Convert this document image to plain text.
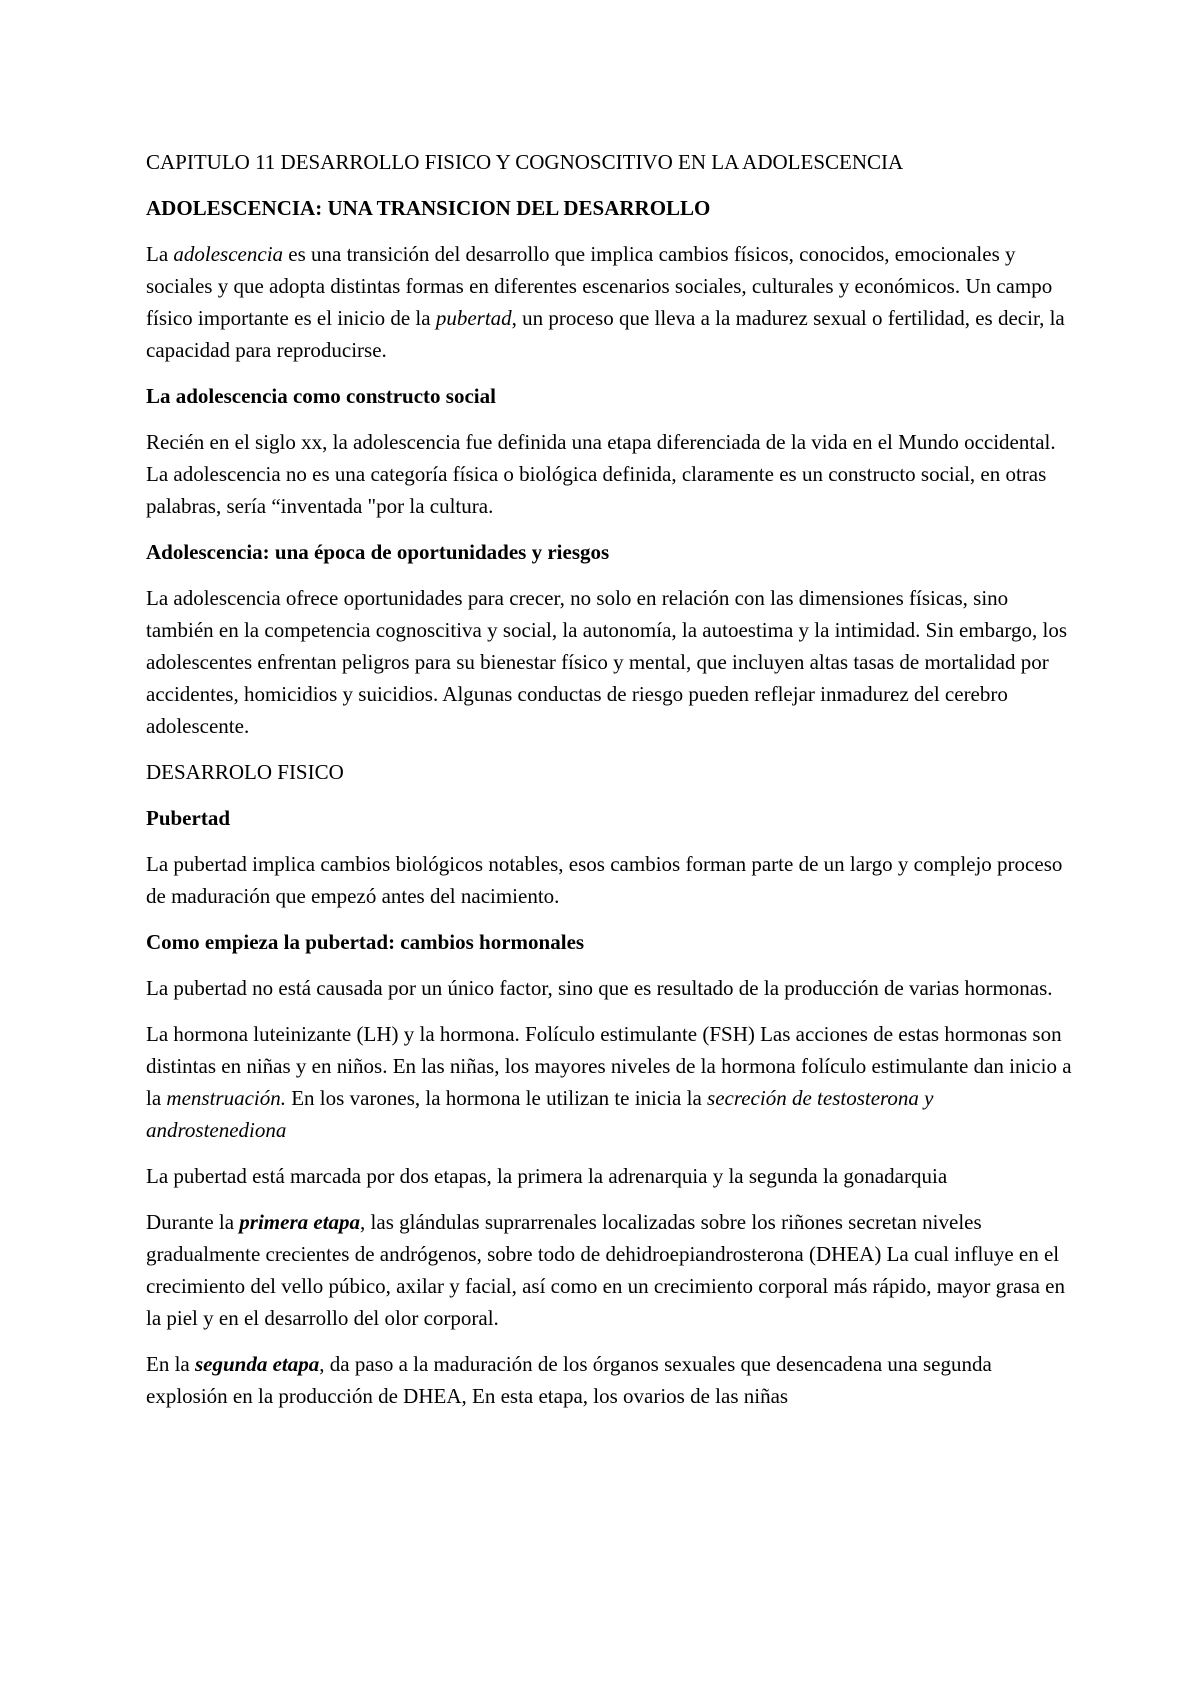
CAPITULO 11 DESARROLLO FISICO Y COGNOSCITIVO EN LA ADOLESCENCIA

ADOLESCENCIA: UNA TRANSICION DEL DESARROLLO

La adolescencia es una transición del desarrollo que implica cambios físicos, conocidos, emocionales y sociales y que adopta distintas formas en diferentes escenarios sociales, culturales y económicos. Un campo físico importante es el inicio de la pubertad, un proceso que lleva a la madurez sexual o fertilidad, es decir, la capacidad para reproducirse.

La adolescencia como constructo social

Recién en el siglo xx, la adolescencia fue definida una etapa diferenciada de la vida en el Mundo occidental. La adolescencia no es una categoría física o biológica definida, claramente es un constructo social, en otras palabras, sería “inventada "por la cultura.

Adolescencia: una época de oportunidades y riesgos

La adolescencia ofrece oportunidades para crecer, no solo en relación con las dimensiones físicas, sino también en la competencia cognoscitiva y social, la autonomía, la autoestima y la intimidad. Sin embargo, los adolescentes enfrentan peligros para su bienestar físico y mental, que incluyen altas tasas de mortalidad por accidentes, homicidios y suicidios. Algunas conductas de riesgo pueden reflejar inmadurez del cerebro adolescente.

DESARROLO FISICO

Pubertad

La pubertad implica cambios biológicos notables, esos cambios forman parte de un largo y complejo proceso de maduración que empezó antes del nacimiento.

Como empieza la pubertad: cambios hormonales

La pubertad no está causada por un único factor, sino que es resultado de la producción de varias hormonas.

La hormona luteinizante (LH) y la hormona. Folículo estimulante (FSH) Las acciones de estas hormonas son distintas en niñas y en niños. En las niñas, los mayores niveles de la hormona folículo estimulante dan inicio a la menstruación. En los varones, la hormona le utilizan te inicia la secreción de testosterona y androstenediona

La pubertad está marcada por dos etapas, la primera la adrenarquia y la segunda la gonadarquia

Durante la primera etapa, las glándulas suprarrenales localizadas sobre los riñones secretan niveles gradualmente crecientes de andrógenos, sobre todo de dehidroepiandrosterona (DHEA) La cual influye en el crecimiento del vello púbico, axilar y facial, así como en un crecimiento corporal más rápido, mayor grasa en la piel y en el desarrollo del olor corporal.

En la segunda etapa, da paso a la maduración de los órganos sexuales que desencadena una segunda explosión en la producción de DHEA, En esta etapa, los ovarios de las niñas
